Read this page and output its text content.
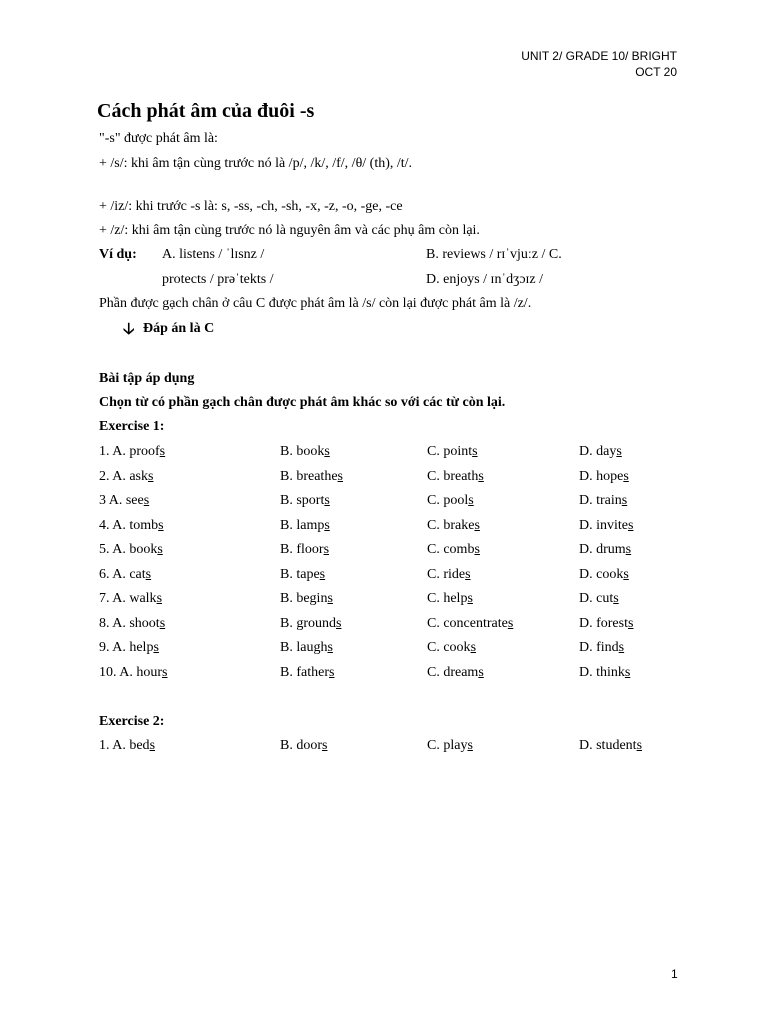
UNIT 2/ GRADE 10/ BRIGHT
OCT 20
Cách phát âm của đuôi -s
"-s" được phát âm là:
+ /s/: khi âm tận cùng trước nó là /p/, /k/, /f/, /θ/ (th), /t/.
+ /iz/: khi trước -s là: s, -ss, -ch, -sh, -x, -z, -o, -ge, -ce
+ /z/: khi âm tận cùng trước nó là nguyên âm và các phụ âm còn lại.
Ví dụ: A. listens / ˈlɪsnz /	B. reviews / rɪˈvjuːz / C.
protects / prəˈtekts /	D. enjoys / ɪnˈdʒɔɪz /
Phần được gạch chân ở câu C được phát âm là /s/ còn lại được phát âm là /z/.
🡣 Đáp án là C
Bài tập áp dụng
Chọn từ có phần gạch chân được phát âm khác so với các từ còn lại.
Exercise 1:
1. A. proofs	B. books	C. points	D. days
2. A. asks	B. breathes	C. breaths	D. hopes
3 A. sees	B. sports	C. pools	D. trains
4. A. tombs	B. lamps	C. brakes	D. invites
5. A. books	B. floors	C. combs	D. drums
6. A. cats	B. tapes	C. rides	D. cooks
7. A. walks	B. begins	C. helps	D. cuts
8. A. shoots	B. grounds	C. concentrates	D. forests
9. A. helps	B. laughs	C. cooks	D. finds
10. A. hours	B. fathers	C. dreams	D. thinks
Exercise 2:
1. A. beds	B. doors	C. plays	D. students
1
